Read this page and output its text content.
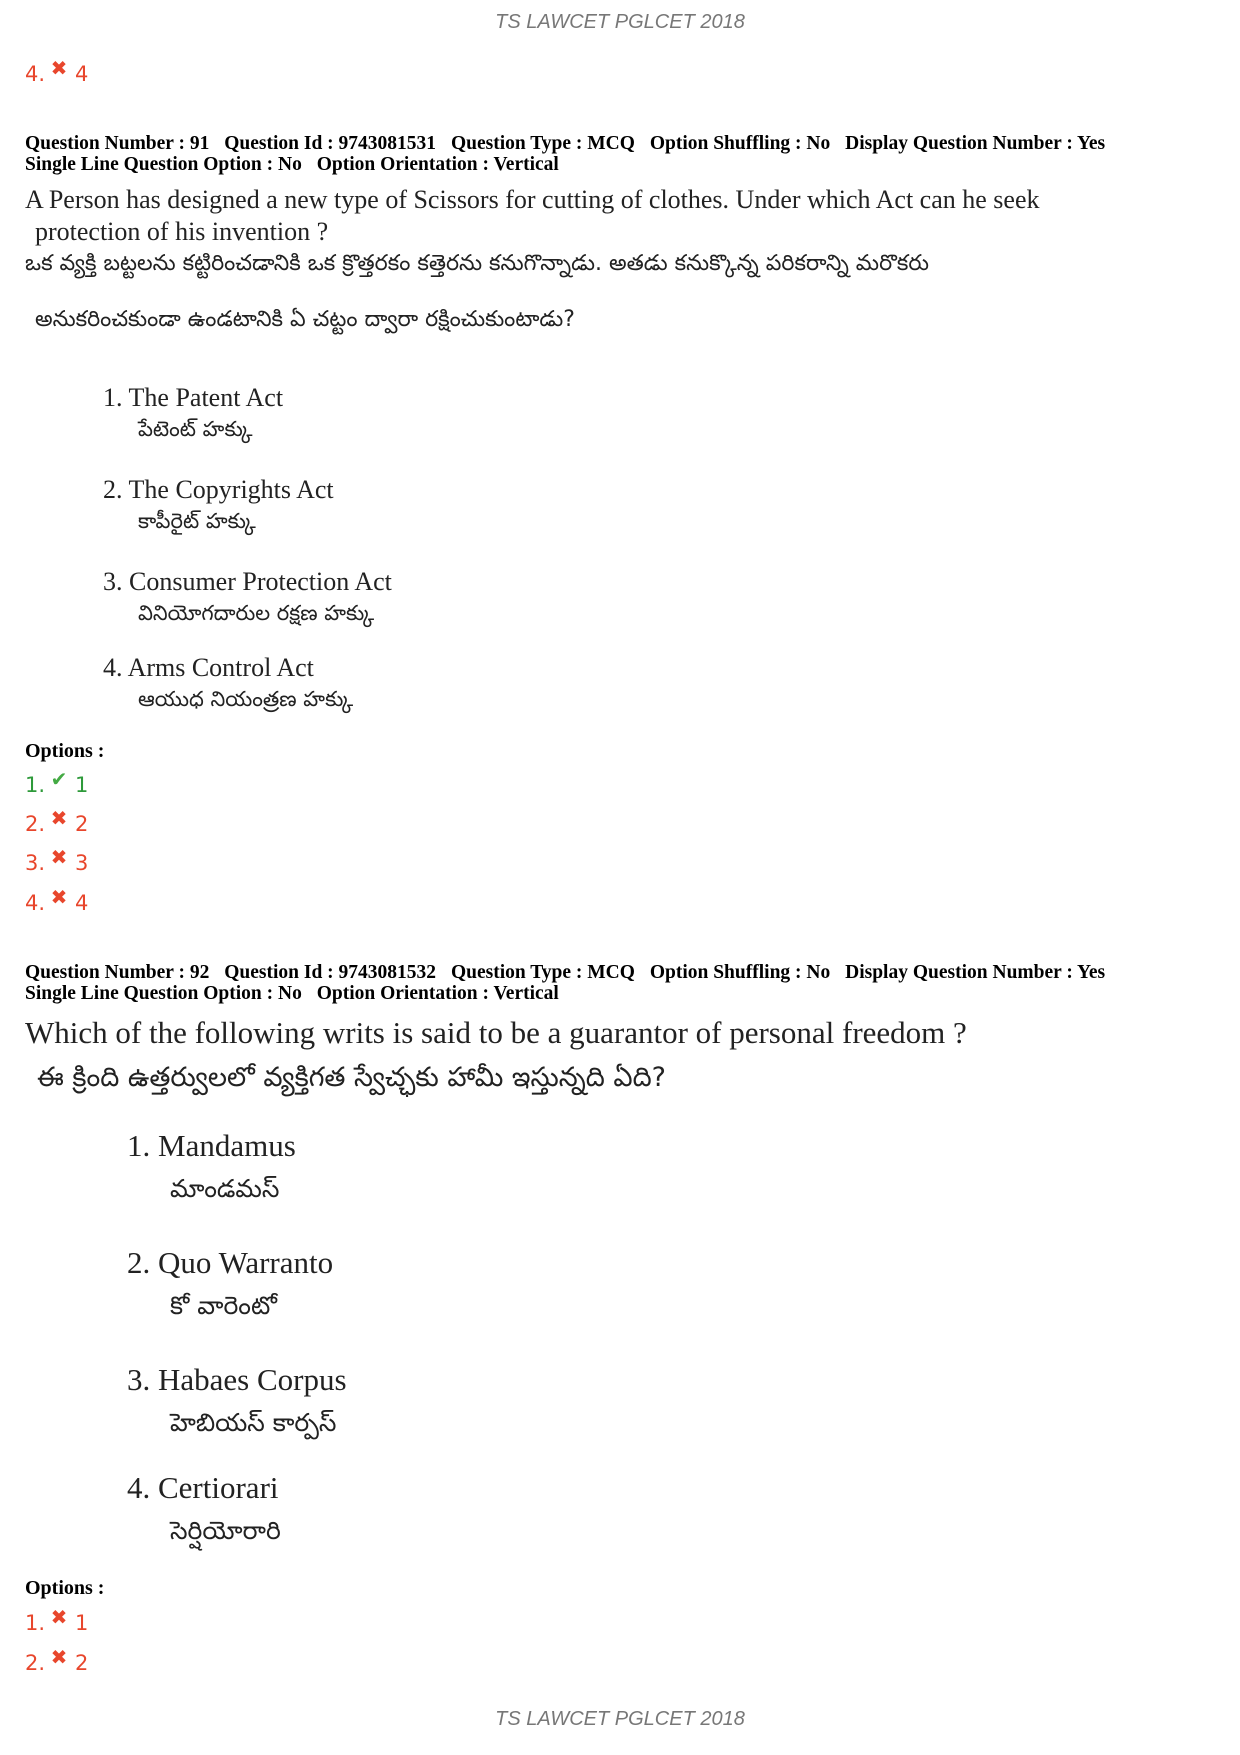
TS LAWCET PGLCET 2018
4. ✖ 4
Question Number : 91 Question Id : 9743081531 Question Type : MCQ Option Shuffling : No Display Question Number : Yes
Single Line Question Option : No Option Orientation : Vertical
A Person has designed a new type of Scissors for cutting of clothes. Under which Act can he seek
protection of his invention ?
ఒక వ్యక్తి బట్టలను కట్టిరించడానికి ఒక క్రొత్తరకం కత్తెరను కనుగొన్నాడు. అతడు కనుక్కొన్న పరికరాన్ని మరొకరు
అనుకరించకుండా ఉండటానికి ఏ చట్టం ద్వారా రక్షించుకుంటాడు?
1. The Patent Act
పేటెంట్ హక్కు
2. The Copyrights Act
కాపీరైట్ హక్కు
3. Consumer Protection Act
వినియోగదారుల రక్షణ హక్కు
4. Arms Control Act
ఆయుధ నియంత్రణ హక్కు
Options :
1. ✔ 1
2. ✖ 2
3. ✖ 3
4. ✖ 4
Question Number : 92 Question Id : 9743081532 Question Type : MCQ Option Shuffling : No Display Question Number : Yes
Single Line Question Option : No Option Orientation : Vertical
Which of the following writs is said to be a guarantor of personal freedom ?
ఈ క్రింది ఉత్తర్వులలో వ్యక్తిగత స్వేచ్ఛకు హామీ ఇస్తున్నది ఏది?
1. Mandamus
మాండమస్
2. Quo Warranto
కో వారెంటో
3. Habaes Corpus
హెబియస్ కార్పస్
4. Certiorari
సెర్షియోరారి
Options :
1. ✖ 1
2. ✖ 2
TS LAWCET PGLCET 2018
